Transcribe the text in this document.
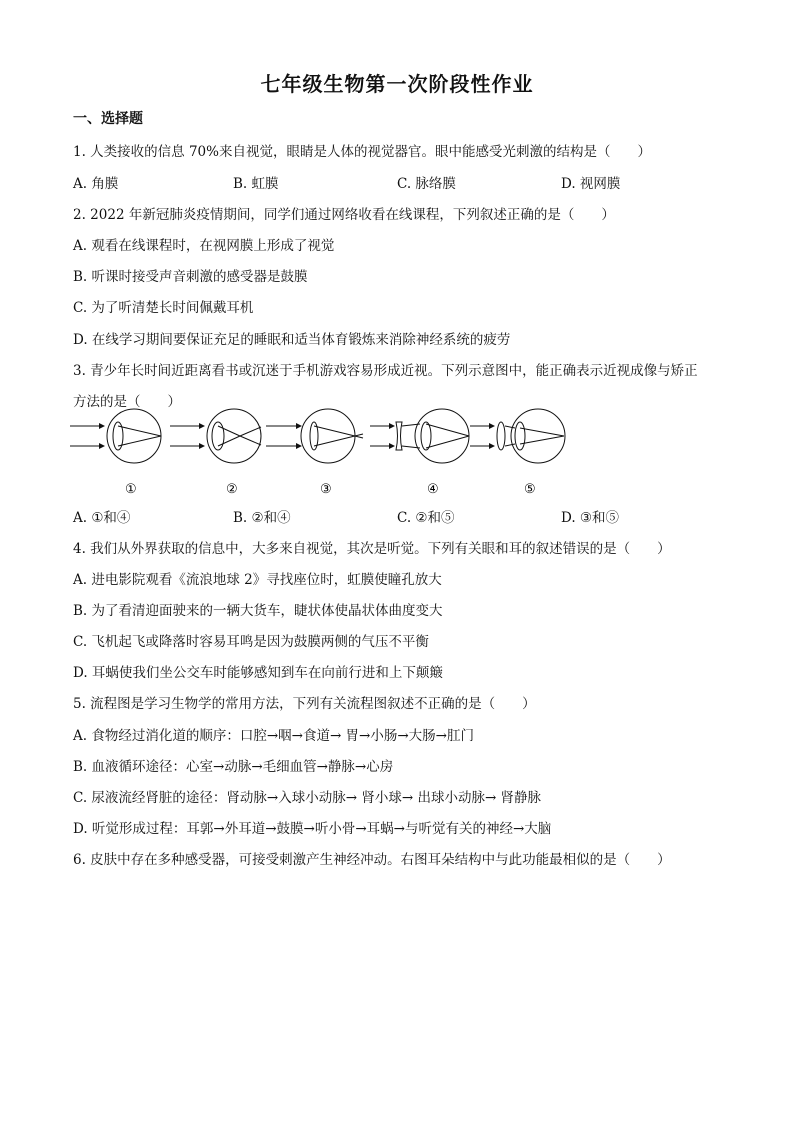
七年级生物第一次阶段性作业
一、选择题
1. 人类接收的信息 70%来自视觉，眼睛是人体的视觉器官。眼中能感受光刺激的结构是（　　）
A. 角膜	B. 虹膜	C. 脉络膜	D. 视网膜
2. 2022 年新冠肺炎疫情期间，同学们通过网络收看在线课程，下列叙述正确的是（　　）
A. 观看在线课程时，在视网膜上形成了视觉
B. 听课时接受声音刺激的感受器是鼓膜
C. 为了听清楚长时间佩戴耳机
D. 在线学习期间要保证充足的睡眠和适当体育锻炼来消除神经系统的疲劳
3. 青少年长时间近距离看书或沉迷于手机游戏容易形成近视。下列示意图中，能正确表示近视成像与矫正
方法的是（　　）
①	②	③	④	⑤
A. ①和④	B. ②和④	C. ②和⑤	D. ③和⑤
4. 我们从外界获取的信息中，大多来自视觉，其次是听觉。下列有关眼和耳的叙述错误的是（　　）
A. 进电影院观看《流浪地球 2》寻找座位时，虹膜使瞳孔放大
B. 为了看清迎面驶来的一辆大货车，睫状体使晶状体曲度变大
C. 飞机起飞或降落时容易耳鸣是因为鼓膜两侧的气压不平衡
D. 耳蜗使我们坐公交车时能够感知到车在向前行进和上下颠簸
5. 流程图是学习生物学的常用方法，下列有关流程图叙述不正确的是（　　）
A. 食物经过消化道的顺序：口腔→咽→食道→ 胃→小肠→大肠→肛门
B. 血液循环途径：心室→动脉→毛细血管→静脉→心房
C. 尿液流经肾脏的途径：肾动脉→入球小动脉→ 肾小球→ 出球小动脉→ 肾静脉
D. 听觉形成过程：耳郭→外耳道→鼓膜→听小骨→耳蜗→与听觉有关的神经→大脑
6. 皮肤中存在多种感受器，可接受刺激产生神经冲动。右图耳朵结构中与此功能最相似的是（　　）
